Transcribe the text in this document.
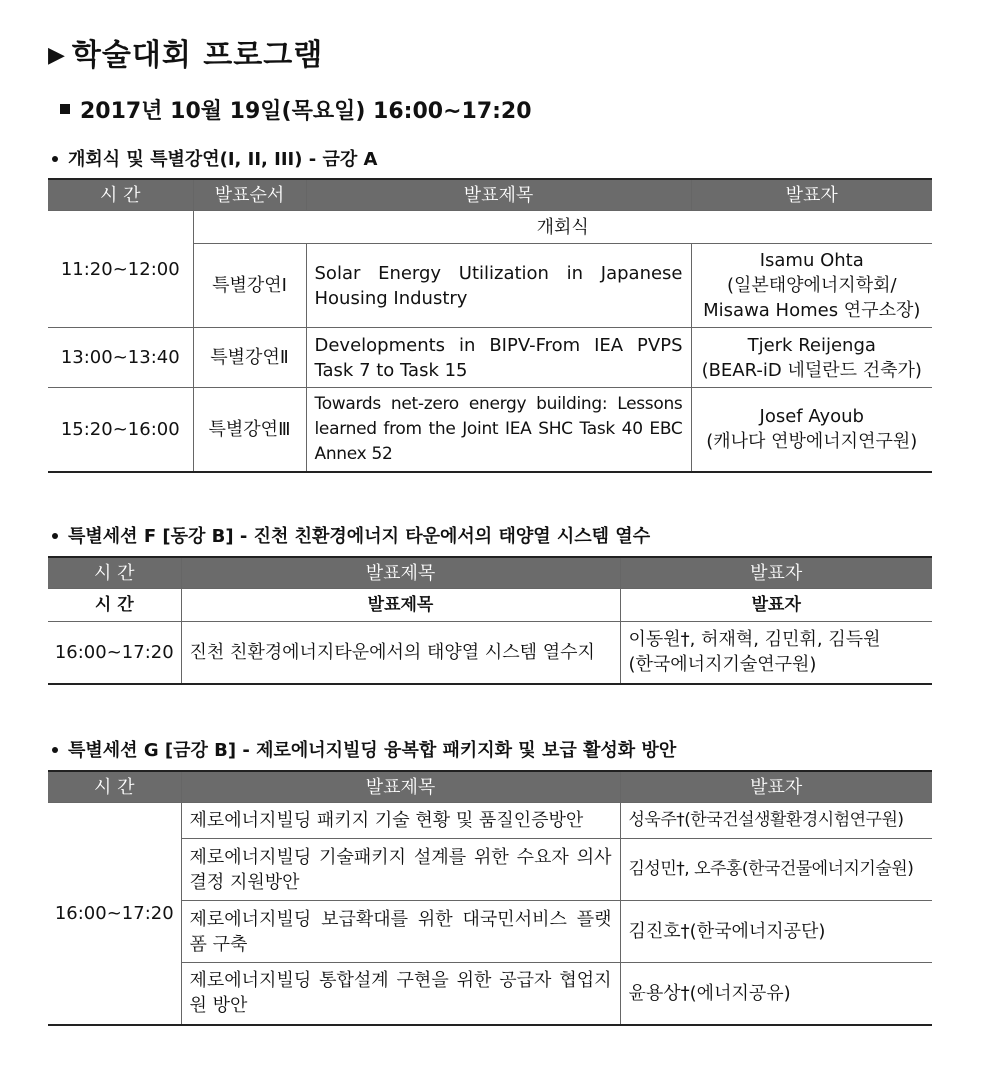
▶ 학술대회 프로그램
2017년 10월 19일(목요일) 16:00~17:20
개회식 및 특별강연(I, II, III) - 금강 A
시 간	발표순서	발표제목	발표자
11:20~12:00	개회식		
	특별강연Ⅰ	Solar Energy Utilization in Japanese Housing Industry	Isamu Ohta
(일본태양에너지학회/
Misawa Homes 연구소장)

13:00~13:40	특별강연Ⅱ	Developments in BIPV-From IEA PVPS Task 7 to Task 15	Tjerk Reijenga
(BEAR-iD 네덜란드 건축가)

15:20~16:00	특별강연Ⅲ	Towards net-zero energy building: Lessons learned from the Joint IEA SHC Task 40 EBC Annex 52	Josef Ayoub
(캐나다 연방에너지연구원)
특별세션 F [동강 B] - 진천 친환경에너지 타운에서의 태양열 시스템 열수
시 간	발표제목	발표자
시 간	발표제목	발표자
16:00~17:20	진천 친환경에너지타운에서의 태양열 시스템 열수지	이동원†, 허재혁, 김민휘, 김득원
(한국에너지기술연구원)
특별세션 G [금강 B] - 제로에너지빌딩 융복합 패키지화 및 보급 활성화 방안
시 간	발표제목	발표자
16:00~17:20	제로에너지빌딩 패키지 기술 현황 및 품질인증방안	성욱주†(한국건설생활환경시험연구원)
	제로에너지빌딩 기술패키지 설계를 위한 수요자 의사결정 지원방안	김성민†, 오주홍(한국건물에너지기술원)
	제로에너지빌딩 보급확대를 위한 대국민서비스 플랫폼 구축	김진호†(한국에너지공단)
	제로에너지빌딩 통합설계 구현을 위한 공급자 협업지원 방안	윤용상†(에너지공유)
